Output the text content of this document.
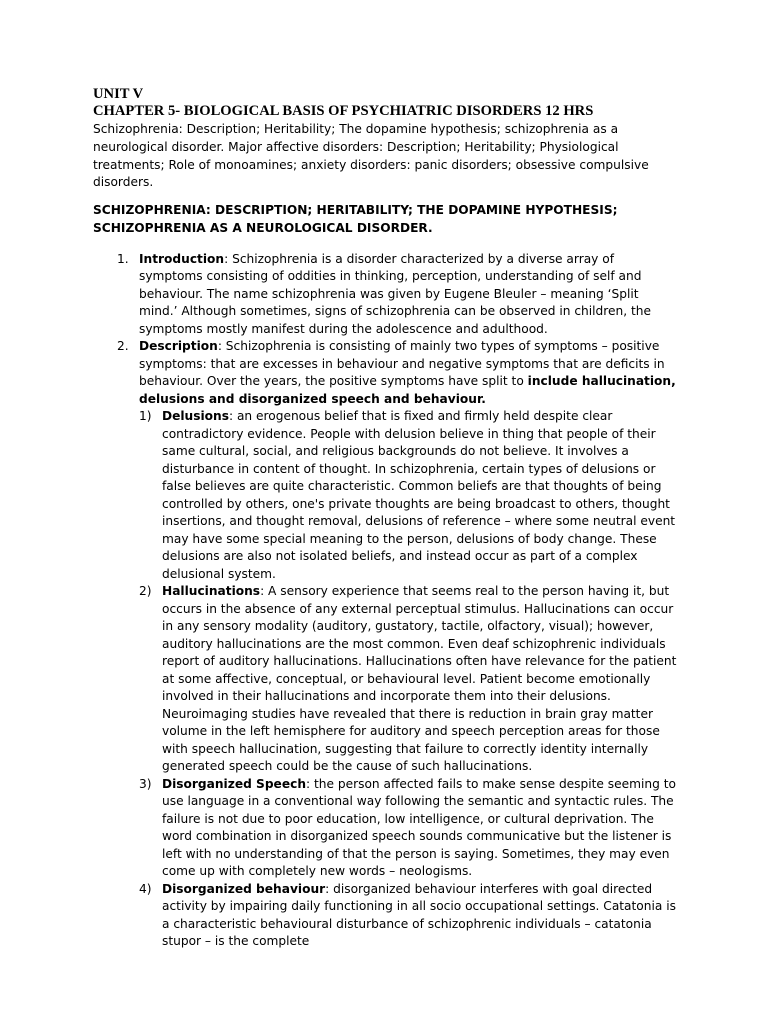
UNIT V

CHAPTER 5- BIOLOGICAL BASIS OF PSYCHIATRIC DISORDERS 12 HRS

Schizophrenia: Description; Heritability; The dopamine hypothesis; schizophrenia as a neurological disorder. Major affective disorders: Description; Heritability; Physiological treatments; Role of monoamines; anxiety disorders: panic disorders; obsessive compulsive disorders.

SCHIZOPHRENIA: DESCRIPTION; HERITABILITY; THE DOPAMINE HYPOTHESIS; SCHIZOPHRENIA AS A NEUROLOGICAL DISORDER.

1. Introduction: Schizophrenia is a disorder characterized by a diverse array of symptoms consisting of oddities in thinking, perception, understanding of self and behaviour. The name schizophrenia was given by Eugene Bleuler – meaning ‘Split mind.’ Although sometimes, signs of schizophrenia can be observed in children, the symptoms mostly manifest during the adolescence and adulthood.
2. Description: Schizophrenia is consisting of mainly two types of symptoms – positive symptoms: that are excesses in behaviour and negative symptoms that are deficits in behaviour. Over the years, the positive symptoms have split to include hallucination, delusions and disorganized speech and behaviour.
1) Delusions: an erogenous belief that is fixed and firmly held despite clear contradictory evidence. People with delusion believe in thing that people of their same cultural, social, and religious backgrounds do not believe. It involves a disturbance in content of thought. In schizophrenia, certain types of delusions or false believes are quite characteristic. Common beliefs are that thoughts of being controlled by others, one's private thoughts are being broadcast to others, thought insertions, and thought removal, delusions of reference – where some neutral event may have some special meaning to the person, delusions of body change. These delusions are also not isolated beliefs, and instead occur as part of a complex delusional system.
2) Hallucinations: A sensory experience that seems real to the person having it, but occurs in the absence of any external perceptual stimulus. Hallucinations can occur in any sensory modality (auditory, gustatory, tactile, olfactory, visual); however, auditory hallucinations are the most common. Even deaf schizophrenic individuals report of auditory hallucinations. Hallucinations often have relevance for the patient at some affective, conceptual, or behavioural level. Patient become emotionally involved in their hallucinations and incorporate them into their delusions. Neuroimaging studies have revealed that there is reduction in brain gray matter volume in the left hemisphere for auditory and speech perception areas for those with speech hallucination, suggesting that failure to correctly identity internally generated speech could be the cause of such hallucinations.
3) Disorganized Speech: the person affected fails to make sense despite seeming to use language in a conventional way following the semantic and syntactic rules. The failure is not due to poor education, low intelligence, or cultural deprivation. The word combination in disorganized speech sounds communicative but the listener is left with no understanding of that the person is saying. Sometimes, they may even come up with completely new words – neologisms.
4) Disorganized behaviour: disorganized behaviour interferes with goal directed activity by impairing daily functioning in all socio occupational settings. Catatonia is a characteristic behavioural disturbance of schizophrenic individuals – catatonia stupor – is the complete
